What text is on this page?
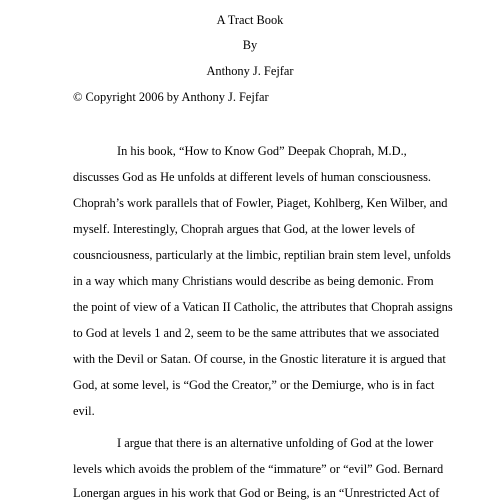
A Tract Book
By
Anthony J. Fejfar
© Copyright 2006 by Anthony J. Fejfar
In his book, “How to Know God” Deepak Choprah, M.D.,
discusses God as He unfolds at different levels of human consciousness.
Choprah’s work parallels that of Fowler, Piaget, Kohlberg, Ken Wilber, and
myself. Interestingly, Choprah argues that God, at the lower levels of
cousnciousness, particularly at the limbic, reptilian brain stem level, unfolds
in a way which many Christians would describe as being demonic. From
the point of view of a Vatican II Catholic, the attributes that Choprah assigns
to God at levels 1 and 2, seem to be the same attributes that we associated
with the Devil or Satan. Of course, in the Gnostic literature it is argued that
God, at some level, is “God the Creator,” or the Demiurge, who is in fact
evil.
I argue that there is an alternative unfolding of God at the lower
levels which avoids the problem of the “immature” or “evil” God. Bernard
Lonergan argues in his work that God or Being, is an “Unrestricted Act of
